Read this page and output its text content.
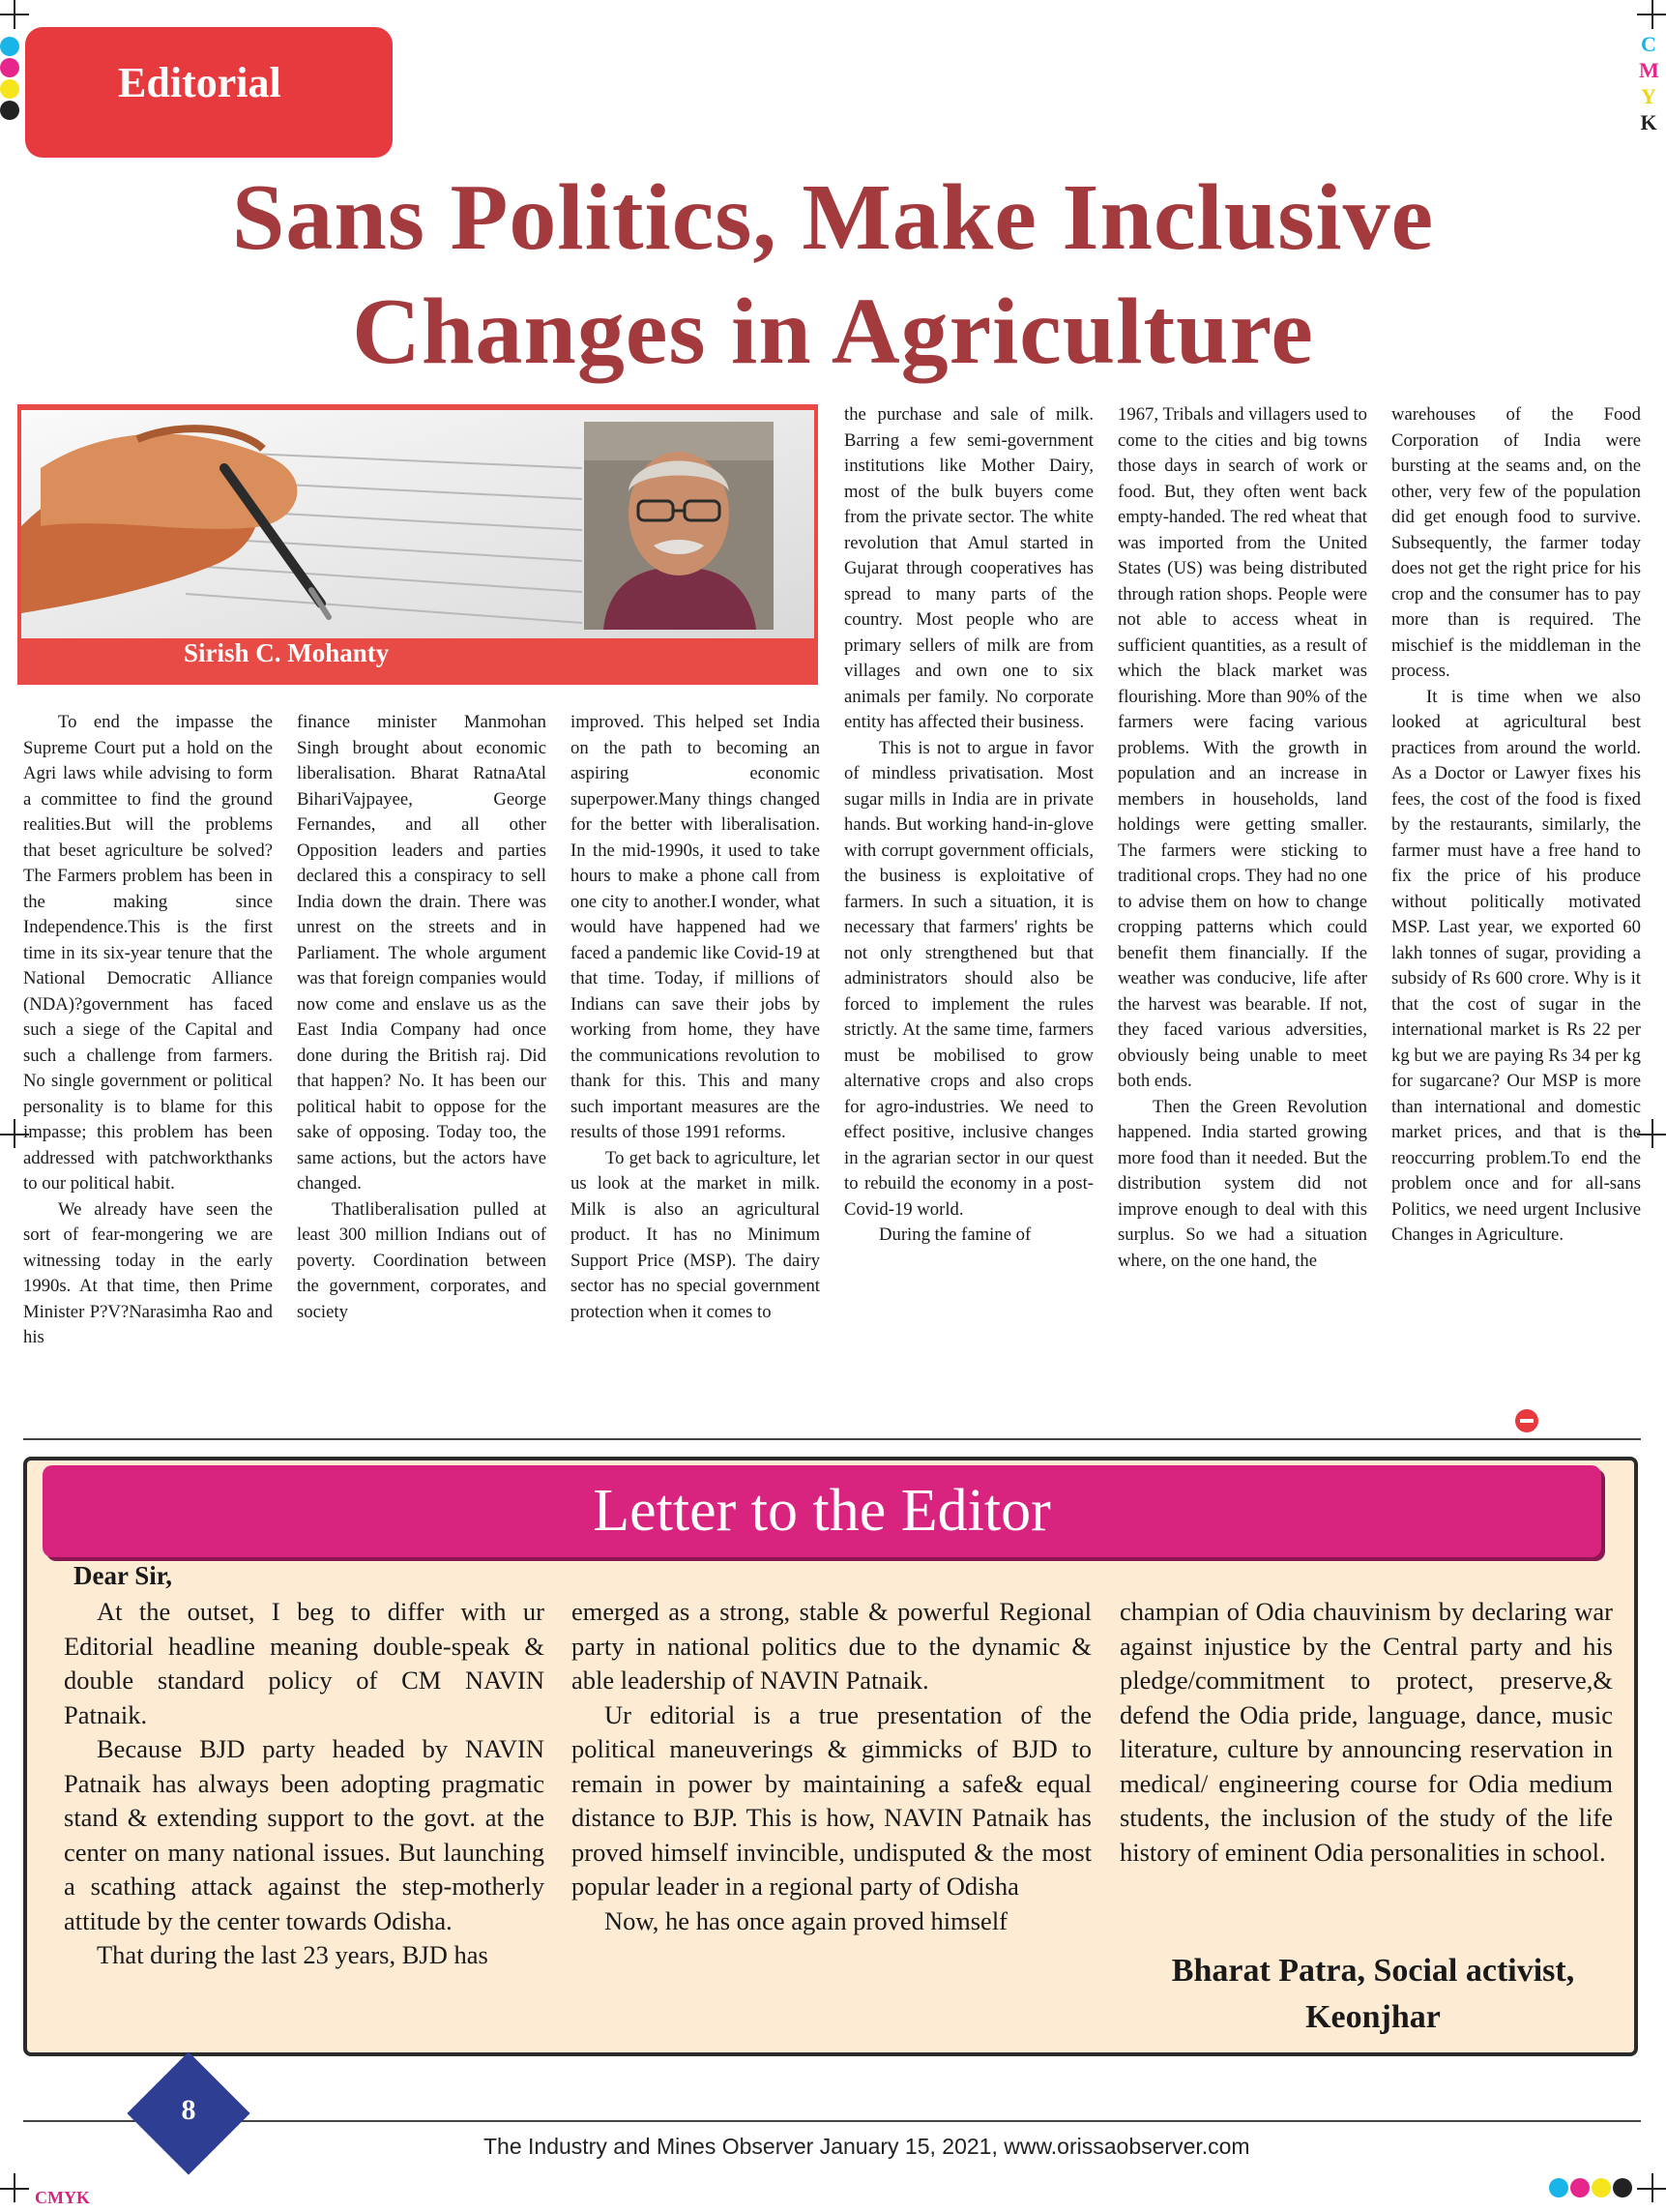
C
M
Y
K
CMYK
Editorial
Sans Politics, Make Inclusive
Changes in Agriculture
Sirish C. Mohanty

To end the impasse the Supreme Court put a hold on the Agri laws while advising to form a committee to find the ground realities.But will the problems that beset agriculture be solved? The Farmers problem has been in the making since Independence.This is the first time in its six-year tenure that the National Democratic Alliance (NDA)?government has faced such a siege of the Capital and such a challenge from farmers. No single government or political personality is to blame for this impasse; this problem has been addressed with patchworkthanks to our political habit.

We already have seen the sort of fear-mongering we are witnessing today in the early 1990s. At that time, then Prime Minister P?V?Narasimha Rao and his

finance minister Manmohan Singh brought about economic liberalisation. Bharat RatnaAtal BihariVajpayee, George Fernandes, and all other Opposition leaders and parties declared this a conspiracy to sell India down the drain. There was unrest on the streets and in Parliament. The whole argument was that foreign companies would now come and enslave us as the East India Company had once done during the British raj. Did that happen? No. It has been our political habit to oppose for the sake of opposing. Today too, the same actions, but the actors have changed.

Thatliberalisation pulled at least 300 million Indians out of poverty. Coordination between the government, corporates, and society

improved. This helped set India on the path to becoming an aspiring economic superpower.Many things changed for the better with liberalisation. In the mid-1990s, it used to take hours to make a phone call from one city to another.I wonder, what would have happened had we faced a pandemic like Covid-19 at that time. Today, if millions of Indians can save their jobs by working from home, they have the communications revolution to thank for this. This and many such important measures are the results of those 1991 reforms.

To get back to agriculture, let us look at the market in milk. Milk is also an agricultural product. It has no Minimum Support Price (MSP). The dairy sector has no special government protection when it comes to

the purchase and sale of milk. Barring a few semi-government institutions like Mother Dairy, most of the bulk buyers come from the private sector. The white revolution that Amul started in Gujarat through cooperatives has spread to many parts of the country. Most people who are primary sellers of milk are from villages and own one to six animals per family. No corporate entity has affected their business.

This is not to argue in favor of mindless privatisation. Most sugar mills in India are in private hands. But working hand-in-glove with corrupt government officials, the business is exploitative of farmers. In such a situation, it is necessary that farmers' rights be not only strengthened but that administrators should also be forced to implement the rules strictly. At the same time, farmers must be mobilised to grow alternative crops and also crops for agro-industries. We need to effect positive, inclusive changes in the agrarian sector in our quest to rebuild the economy in a post-Covid-19 world.

During the famine of

1967, Tribals and villagers used to come to the cities and big towns those days in search of work or food. But, they often went back empty-handed. The red wheat that was imported from the United States (US) was being distributed through ration shops. People were not able to access wheat in sufficient quantities, as a result of which the black market was flourishing. More than 90% of the farmers were facing various problems. With the growth in population and an increase in members in households, land holdings were getting smaller. The farmers were sticking to traditional crops. They had no one to advise them on how to change cropping patterns which could benefit them financially. If the weather was conducive, life after the harvest was bearable. If not, they faced various adversities, obviously being unable to meet both ends.

Then the Green Revolution happened. India started growing more food than it needed. But the distribution system did not improve enough to deal with this surplus. So we had a situation where, on the one hand, the

warehouses of the Food Corporation of India were bursting at the seams and, on the other, very few of the population did get enough food to survive. Subsequently, the farmer today does not get the right price for his crop and the consumer has to pay more than is required. The mischief is the middleman in the process.

It is time when we also looked at agricultural best practices from around the world. As a Doctor or Lawyer fixes his fees, the cost of the food is fixed by the restaurants, similarly, the farmer must have a free hand to fix the price of his produce without politically motivated MSP. Last year, we exported 60 lakh tonnes of sugar, providing a subsidy of Rs 600 crore. Why is it that the cost of sugar in the international market is Rs 22 per kg but we are paying Rs 34 per kg for sugarcane? Our MSP is more than international and domestic market prices, and that is the reoccurring problem.To end the problem once and for all-sans Politics, we need urgent Inclusive Changes in Agriculture.

Letter to the Editor
Dear Sir,

At the outset, I beg to differ with ur Editorial headline meaning double-speak & double standard policy of CM NAVIN Patnaik.

Because BJD party headed by NAVIN Patnaik has always been adopting pragmatic stand & extending support to the govt. at the center on many national issues. But launching a scathing attack against the step-motherly attitude by the center towards Odisha.

That during the last 23 years, BJD has

emerged as a strong, stable & powerful Regional party in national politics due to the dynamic & able leadership of NAVIN Patnaik.

Ur editorial is a true presentation of the political maneuverings & gimmicks of BJD to remain in power by maintaining a safe& equal distance to BJP. This is how, NAVIN Patnaik has proved himself invincible, undisputed & the most popular leader in a regional party of Odisha

Now, he has once again proved himself

champian of Odia chauvinism by declaring war against injustice by the Central party and his pledge/commitment to protect, preserve,& defend the Odia pride, language, dance, music literature, culture by announcing reservation in medical/ engineering course for Odia medium students, the inclusion of the study of the life history of eminent Odia personalities in school.

Bharat Patra, Social activist,
Keonjhar
8
The Industry and Mines Observer January 15, 2021, www.orissaobserver.com
